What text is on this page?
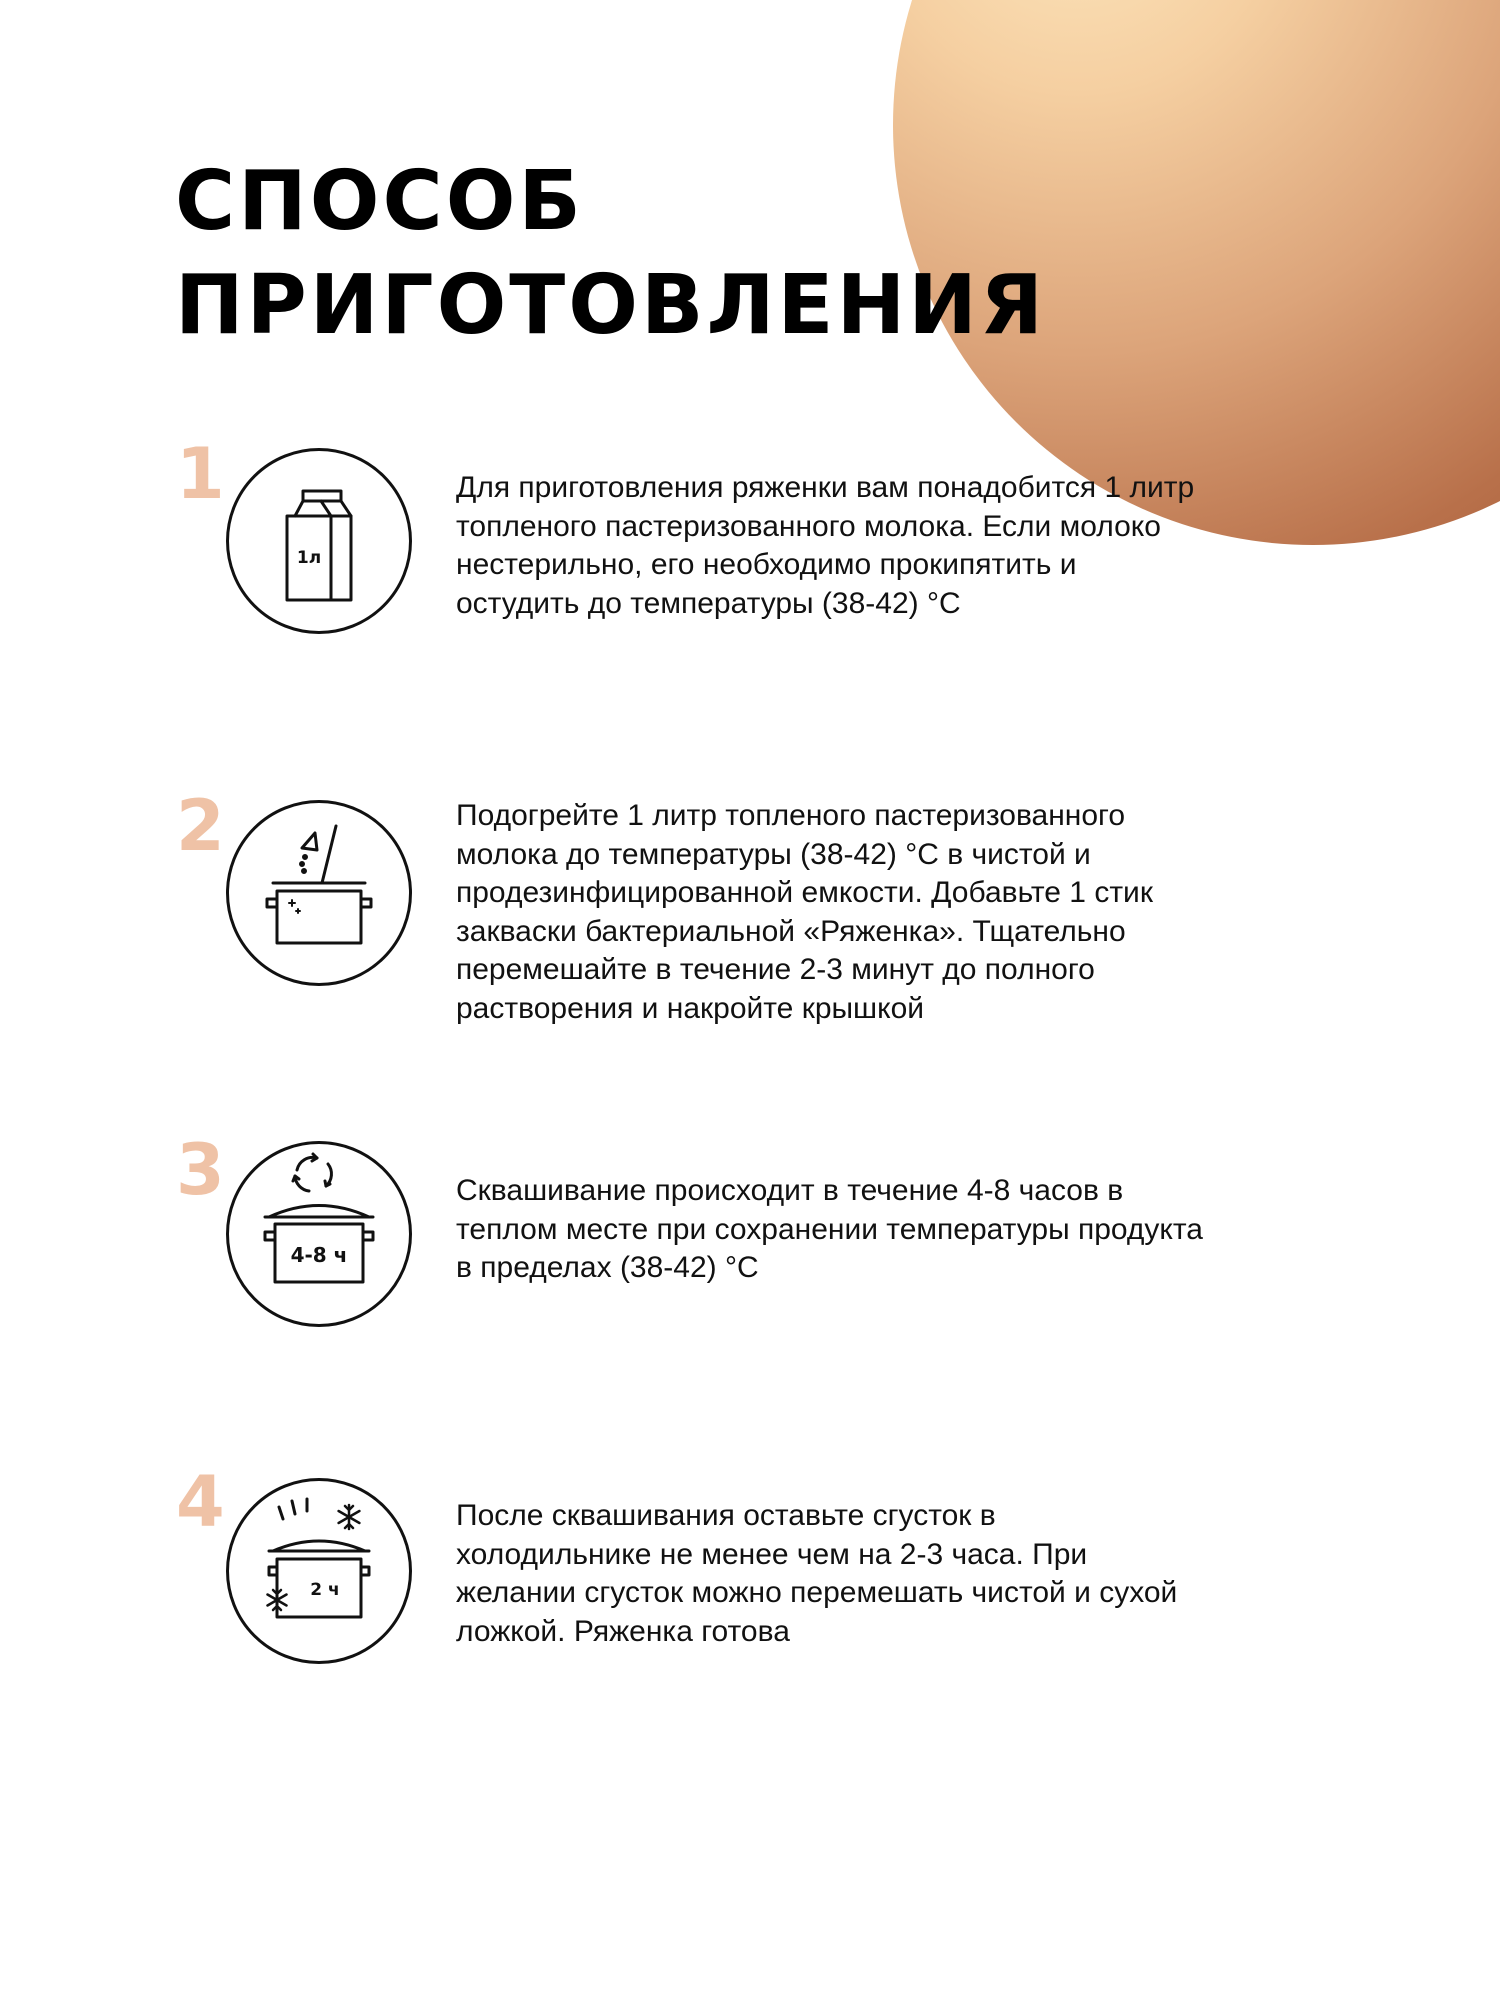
СПОСОБ
ПРИГОТОВЛЕНИЯ
1
1л

Для приготовления ряженки вам понадобится 1 литр
топленого пастеризованного молока. Если молоко
нестерильно, его необходимо прокипятить и
остудить до температуры (38-42) °С

2	Подогрейте 1 литр топленого пастеризованного
молока до температуры (38-42) °С в чистой и
продезинфицированной емкости. Добавьте 1 стик
закваски бактериальной «Ряженка». Тщательно
перемешайте в течение 2-3 минут до полного
растворения и накройте крышкой

3
4-8 ч

Сквашивание происходит в течение 4-8 часов в
теплом месте при сохранении температуры продукта
в пределах (38-42) °С

4
2 ч

После сквашивания оставьте сгусток в
холодильнике не менее чем на 2-3 часа. При
желании сгусток можно перемешать чистой и сухой
ложкой. Ряженка готова
